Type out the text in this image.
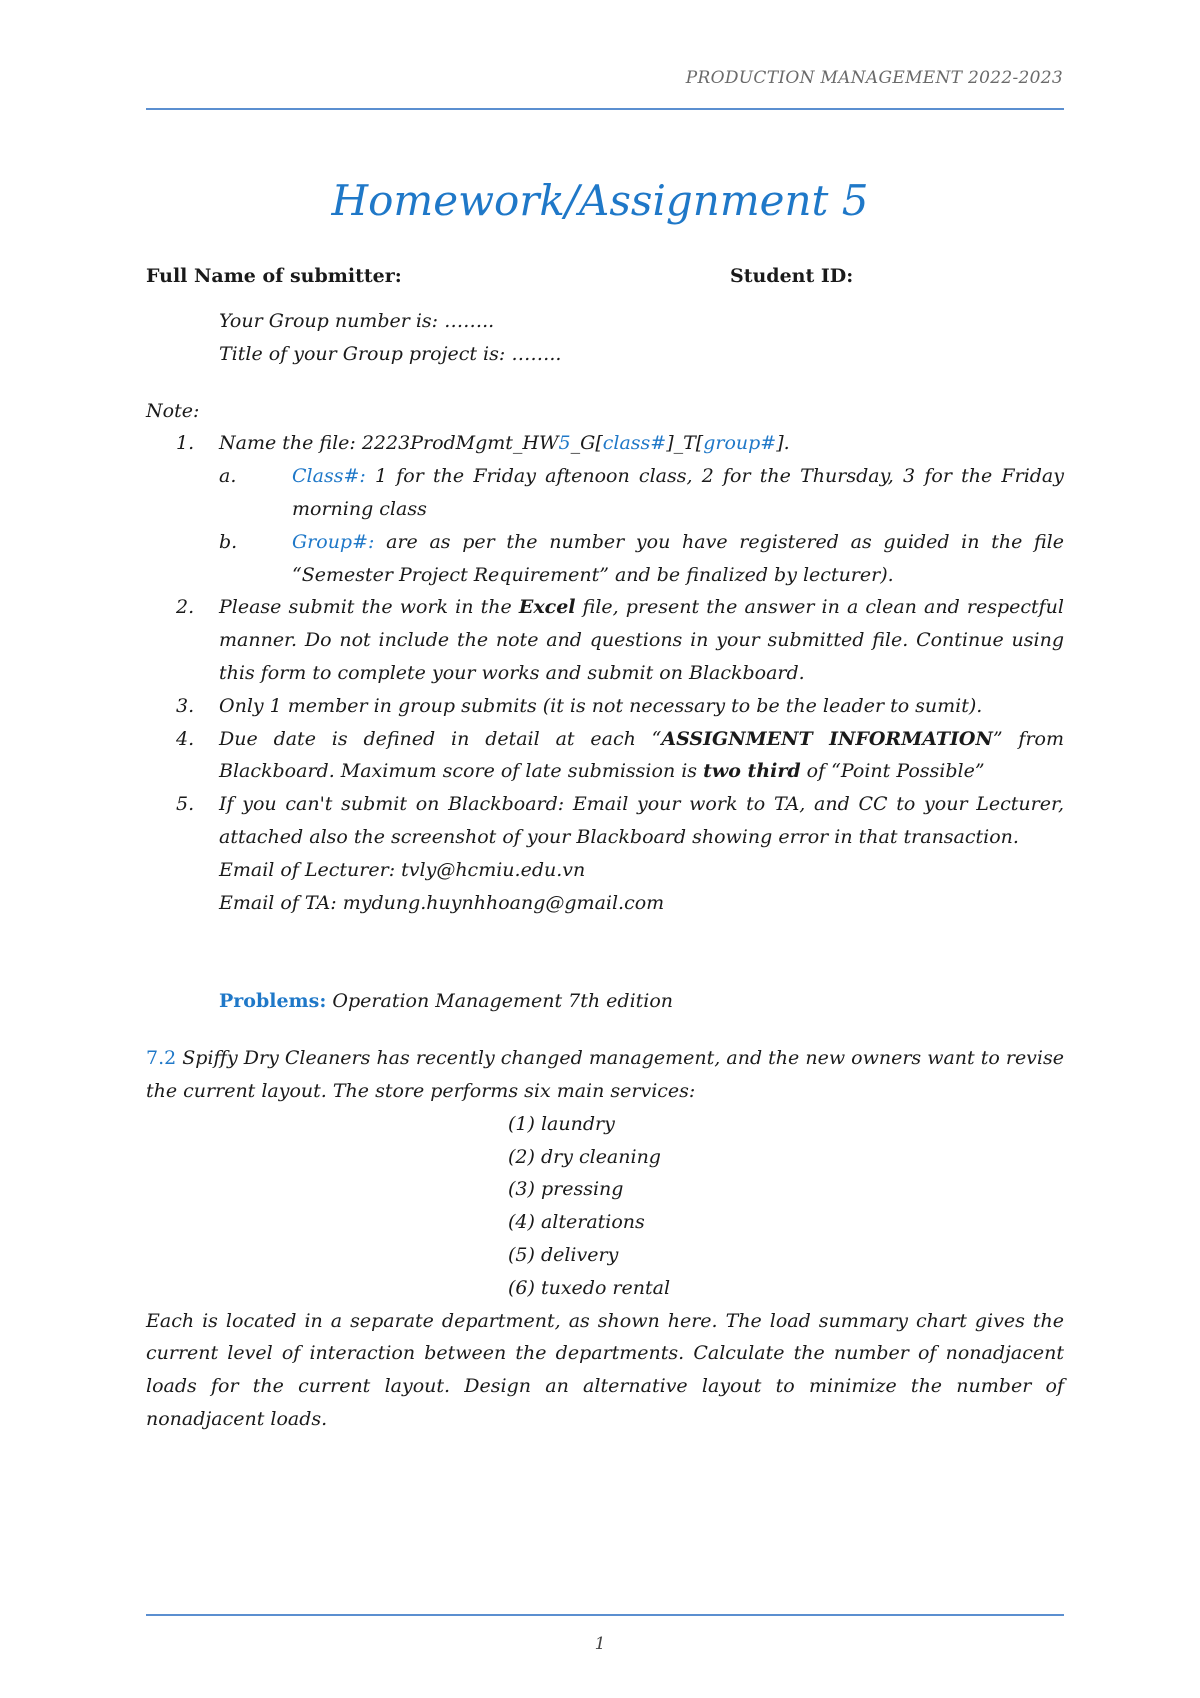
PRODUCTION MANAGEMENT 2022-2023
Homework/Assignment 5
Full Name of submitter:	Student ID:

Your Group number is: ……..

Title of your Group project is: ……..

Note:

1. Name the file: 2223ProdMgmt_HW5_G[class#]_T[group#].
a.	Class#: 1 for the Friday aftenoon class, 2 for the Thursday, 3 for the Friday morning class
b.	Group#: are as per the number you have registered as guided in the file “Semester Project Requirement” and be finalized by lecturer).
2. Please submit the work in the Excel file, present the answer in a clean and respectful manner. Do not include the note and questions in your submitted file. Continue using this form to complete your works and submit on Blackboard.
3. Only 1 member in group submits (it is not necessary to be the leader to sumit).
4. Due date is defined in detail at each “ASSIGNMENT INFORMATION” from Blackboard. Maximum score of late submission is two third of “Point Possible”
5. If you can't submit on Blackboard: Email your work to TA, and CC to your Lecturer, attached also the screenshot of your Blackboard showing error in that transaction.

Email of Lecturer: tvly@hcmiu.edu.vn

Email of TA: mydung.huynhhoang@gmail.com

Problems: Operation Management 7th edition

7.2 Spiffy Dry Cleaners has recently changed management, and the new owners want to revise the current layout. The store performs six main services:

(1) laundry

(2) dry cleaning

(3) pressing

(4) alterations

(5) delivery

(6) tuxedo rental

Each is located in a separate department, as shown here. The load summary chart gives the current level of interaction between the departments. Calculate the number of nonadjacent loads for the current layout. Design an alternative layout to minimize the number of nonadjacent loads.

1
